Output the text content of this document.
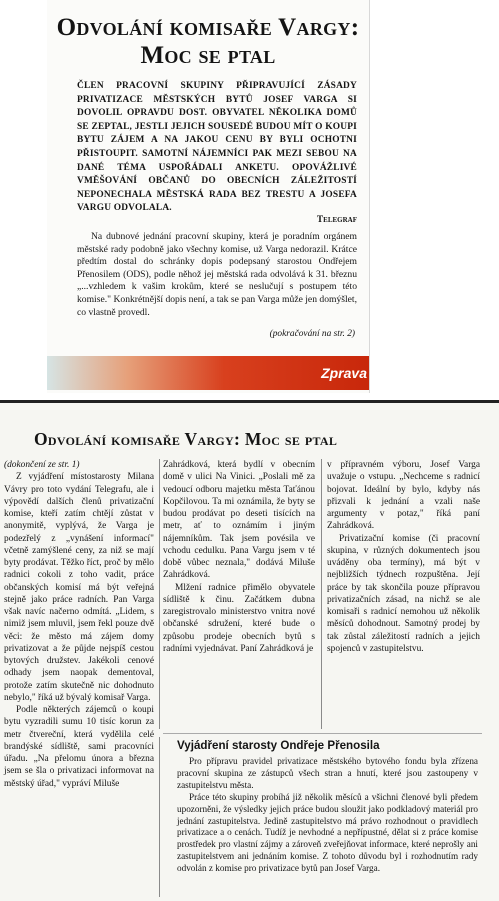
Odvolání komisaře Vargy: Moc se ptal
ČLEN PRACOVNÍ SKUPINY PŘIPRAVUJÍCÍ ZÁSADY PRIVATIZACE MĚSTSKÝCH BYTŮ JOSEF VARGA SI DOVOLIL OPRAVDU DOST. OBYVATEL NĚKOLIKA DOMŮ SE ZEPTAL, JESTLI JEJICH SOUSEDÉ BUDOU MÍT O KOUPI BYTU ZÁJEM A NA JAKOU CENU BY BYLI OCHOTNI PŘISTOUPIT. SAMOTNÍ NÁJEMNÍCI PAK MEZI SEBOU NA DANÉ TÉMA USPOŘÁDALI ANKETU. OPOVÁŽLIVÉ VMĚŠOVÁNÍ OBČANŮ DO OBECNÍCH ZÁLEŽITOSTÍ NEPONECHALA MĚSTSKÁ RADA BEZ TRESTU A JOSEFA VARGU ODVOLALA.
Telegraf
Na dubnové jednání pracovní skupiny, která je poradním orgánem městské rady podobně jako všechny komise, už Varga nedorazil. Krátce předtím dostal do schránky dopis podepsaný starostou Ondřejem Přenosilem (ODS), podle něhož jej městská rada odvolává k 31. březnu „...vzhledem k vašim krokům, které se neslučují s postupem této komise." Konkrétnější dopis není, a tak se pan Varga může jen domýšlet, co vlastně provedl.
(pokračování na str. 2)
Zprava
Odvolání komisaře Vargy: Moc se ptal

(dokončení ze str. 1)

Z vyjádření místostarosty Milana Vávry pro toto vydání Telegrafu, ale i výpovědí dalších členů privatizační komise, kteří zatím chtějí zůstat v anonymitě, vyplývá, že Varga je podezřelý z „vynášení informací" včetně zamýšlené ceny, za niž se mají byty prodávat. Těžko říct, proč by mělo radnici cokoli z toho vadit, práce občanských komisí má být veřejná stejně jako práce radních. Pan Varga však navíc načerno odmítá. „Lidem, s nimiž jsem mluvil, jsem řekl pouze dvě věci: že město má zájem domy privatizovat a že půjde nejspíš cestou bytových družstev. Jakékoli cenové odhady jsem naopak dementoval, protože zatím skutečně nic dohodnuto nebylo," říká už bývalý komisař Varga.

Podle některých zájemců o koupi bytu vyzradili sumu 10 tisíc korun za metr čtvereční, která vydělila celé brandýské sídliště, sami pracovníci úřadu. „Na přelomu února a března jsem se šla o privatizaci informovat na městský úřad," vypráví Miluše

Zahrádková, která bydlí v obecním domě v ulici Na Vinici. „Poslali mě za vedoucí odboru majetku města Taťánou Kopčilovou. Ta mi oznámila, že byty se budou prodávat po deseti tisících na metr, ať to oznámím i jiným nájemníkům. Tak jsem povésila ve vchodu cedulku. Pana Vargu jsem v té době vůbec neznala," dodává Miluše Zahrádková.

Mlžení radnice přimělo obyvatele sídliště k činu. Začátkem dubna zaregistrovalo ministerstvo vnitra nové občanské sdružení, které bude o způsobu prodeje obecních bytů s radními vyjednávat. Paní Zahrádková je

v přípravném výboru, Josef Varga uvažuje o vstupu. „Nechceme s radnicí bojovat. Ideální by bylo, kdyby nás přizvali k jednání a vzali naše argumenty v potaz," říká paní Zahrádková.

Privatizační komise (či pracovní skupina, v různých dokumentech jsou uváděny oba termíny), má být v nejbližších týdnech rozpuštěna. Její práce by tak skončila pouze přípravou privatizačních zásad, na nichž se ale komisaři s radnicí nemohou už několik měsíců dohodnout. Samotný prodej by tak zůstal záležitostí radních a jejich spojenců v zastupitelstvu.

Vyjádření starosty Ondřeje Přenosila

Pro přípravu pravidel privatizace městského bytového fondu byla zřízena pracovní skupina ze zástupců všech stran a hnutí, které jsou zastoupeny v zastupitelstvu města.

Práce této skupiny probíhá již několik měsíců a všichni členové byli předem upozorněni, že výsledky jejich práce budou sloužit jako podkladový materiál pro jednání zastupitelstva. Jedině zastupitelstvo má právo rozhodnout o pravidlech privatizace a o cenách. Tudíž je nevhodné a nepřípustné, dělat si z práce komise prostředek pro vlastní zájmy a zároveň zveřejňovat informace, které neprošly ani zastupitelstvem ani jednáním komise. Z tohoto důvodu byl i rozhodnutím rady odvolán z komise pro privatizace bytů pan Josef Varga.
